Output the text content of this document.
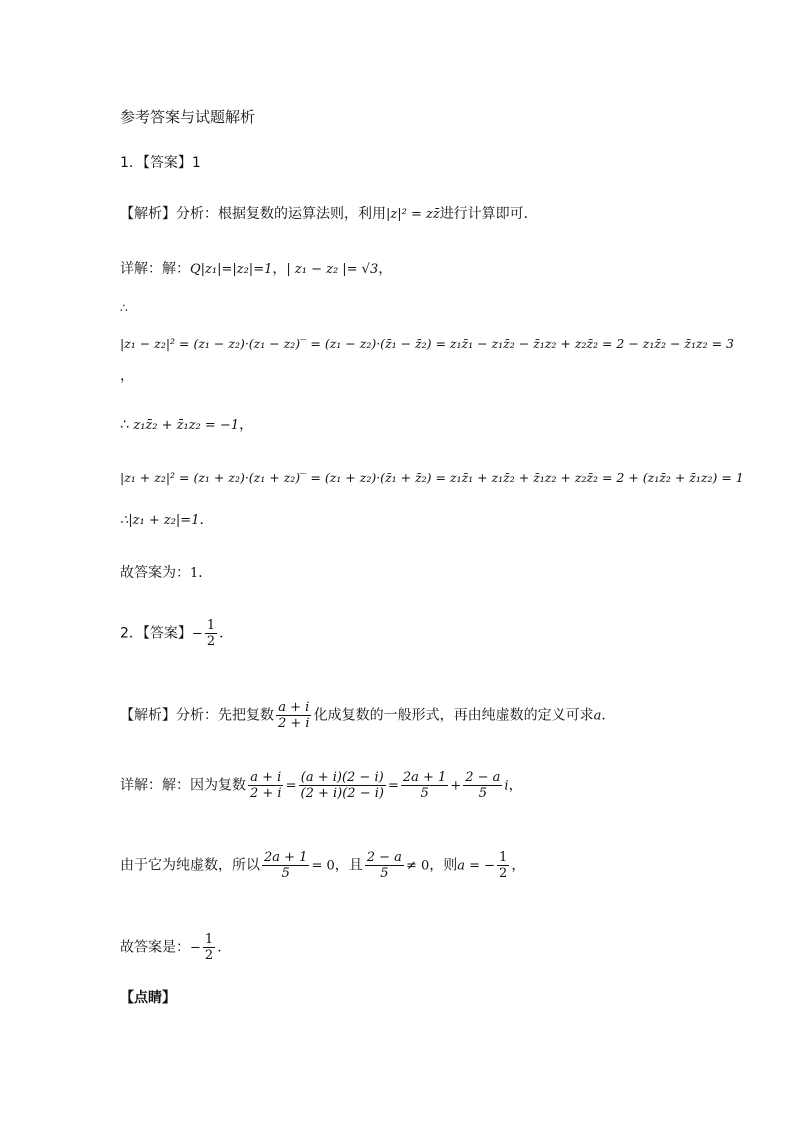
参考答案与试题解析
1．【答案】1
【解析】分析：根据复数的运算法则，利用|z|² = zz̄进行计算即可．
详解：解：Q|z₁|=|z₂|=1，| z₁ − z₂ |= √3，
∴
|z₁ − z₂|² = (z₁ − z₂)·(z₁ − z₂)‾ = (z₁ − z₂)·(z̄₁ − z̄₂) = z₁z̄₁ − z₁z̄₂ − z̄₁z₂ + z₂z̄₂ = 2 − z₁z̄₂ − z̄₁z₂ = 3
，
∴ z₁z̄₂ + z̄₁z₂ = −1，
|z₁ + z₂|² = (z₁ + z₂)·(z₁ + z₂)‾ = (z₁ + z₂)·(z̄₁ + z̄₂) = z₁z̄₁ + z₁z̄₂ + z̄₁z₂ + z₂z̄₂ = 2 + (z₁z̄₂ + z̄₁z₂) = 1
∴|z₁ + z₂|=1．
故答案为：1．
2．【答案】− $\frac{1}{2}$ ．
【解析】分析：先把复数 $\frac{a + i}{2 + i}$ 化成复数的一般形式，再由纯虚数的定义可求a．
详解：解：因为复数 $\frac{a + i}{2 + i} = \frac{(a + i)(2 - i)}{(2 + i)(2 - i)} = \frac{2a + 1}{5} + \frac{2 - a}{5}$ i，
由于它为纯虚数，所以 $\frac{2a + 1}{5} = 0$，且 $\frac{2 - a}{5} \ne 0$，则a = − $\frac{1}{2}$ ，
故答案是：− $\frac{1}{2}$ ．
【点睛】
